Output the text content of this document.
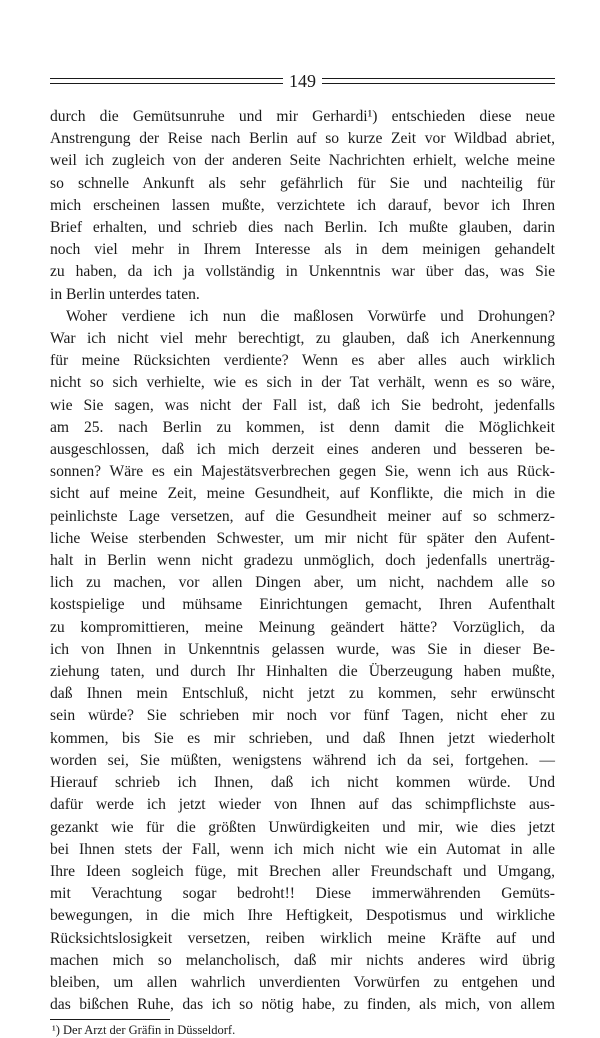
149
durch die Gemütsunruhe und mir Gerhardi¹) entschieden diese neue
Anstrengung der Reise nach Berlin auf so kurze Zeit vor Wildbad abriet,
weil ich zugleich von der anderen Seite Nachrichten erhielt, welche meine
so schnelle Ankunft als sehr gefährlich für Sie und nachteilig für
mich erscheinen lassen mußte, verzichtete ich darauf, bevor ich Ihren
Brief erhalten, und schrieb dies nach Berlin. Ich mußte glauben, darin
noch viel mehr in Ihrem Interesse als in dem meinigen gehandelt
zu haben, da ich ja vollständig in Unkenntnis war über das, was Sie
in Berlin unterdes taten.
Woher verdiene ich nun die maßlosen Vorwürfe und Drohungen?
War ich nicht viel mehr berechtigt, zu glauben, daß ich Anerkennung
für meine Rücksichten verdiente? Wenn es aber alles auch wirklich
nicht so sich verhielte, wie es sich in der Tat verhält, wenn es so wäre,
wie Sie sagen, was nicht der Fall ist, daß ich Sie bedroht, jedenfalls
am 25. nach Berlin zu kommen, ist denn damit die Möglichkeit
ausgeschlossen, daß ich mich derzeit eines anderen und besseren be-
sonnen? Wäre es ein Majestätsverbrechen gegen Sie, wenn ich aus Rück-
sicht auf meine Zeit, meine Gesundheit, auf Konflikte, die mich in die
peinlichste Lage versetzen, auf die Gesundheit meiner auf so schmerz-
liche Weise sterbenden Schwester, um mir nicht für später den Aufent-
halt in Berlin wenn nicht gradezu unmöglich, doch jedenfalls unerträg-
lich zu machen, vor allen Dingen aber, um nicht, nachdem alle so
kostspielige und mühsame Einrichtungen gemacht, Ihren Aufenthalt
zu kompromittieren, meine Meinung geändert hätte? Vorzüglich, da
ich von Ihnen in Unkenntnis gelassen wurde, was Sie in dieser Be-
ziehung taten, und durch Ihr Hinhalten die Überzeugung haben mußte,
daß Ihnen mein Entschluß, nicht jetzt zu kommen, sehr erwünscht
sein würde? Sie schrieben mir noch vor fünf Tagen, nicht eher zu
kommen, bis Sie es mir schrieben, und daß Ihnen jetzt wiederholt
worden sei, Sie müßten, wenigstens während ich da sei, fortgehen. —
Hierauf schrieb ich Ihnen, daß ich nicht kommen würde. Und
dafür werde ich jetzt wieder von Ihnen auf das schimpflichste aus-
gezankt wie für die größten Unwürdigkeiten und mir, wie dies jetzt
bei Ihnen stets der Fall, wenn ich mich nicht wie ein Automat in alle
Ihre Ideen sogleich füge, mit Brechen aller Freundschaft und Umgang,
mit Verachtung sogar bedroht!! Diese immerwährenden Gemüts-
bewegungen, in die mich Ihre Heftigkeit, Despotismus und wirkliche
Rücksichtslosigkeit versetzen, reiben wirklich meine Kräfte auf und
machen mich so melancholisch, daß mir nichts anderes wird übrig
bleiben, um allen wahrlich unverdienten Vorwürfen zu entgehen und
das bißchen Ruhe, das ich so nötig habe, zu finden, als mich, von allem
¹) Der Arzt der Gräfin in Düsseldorf.
